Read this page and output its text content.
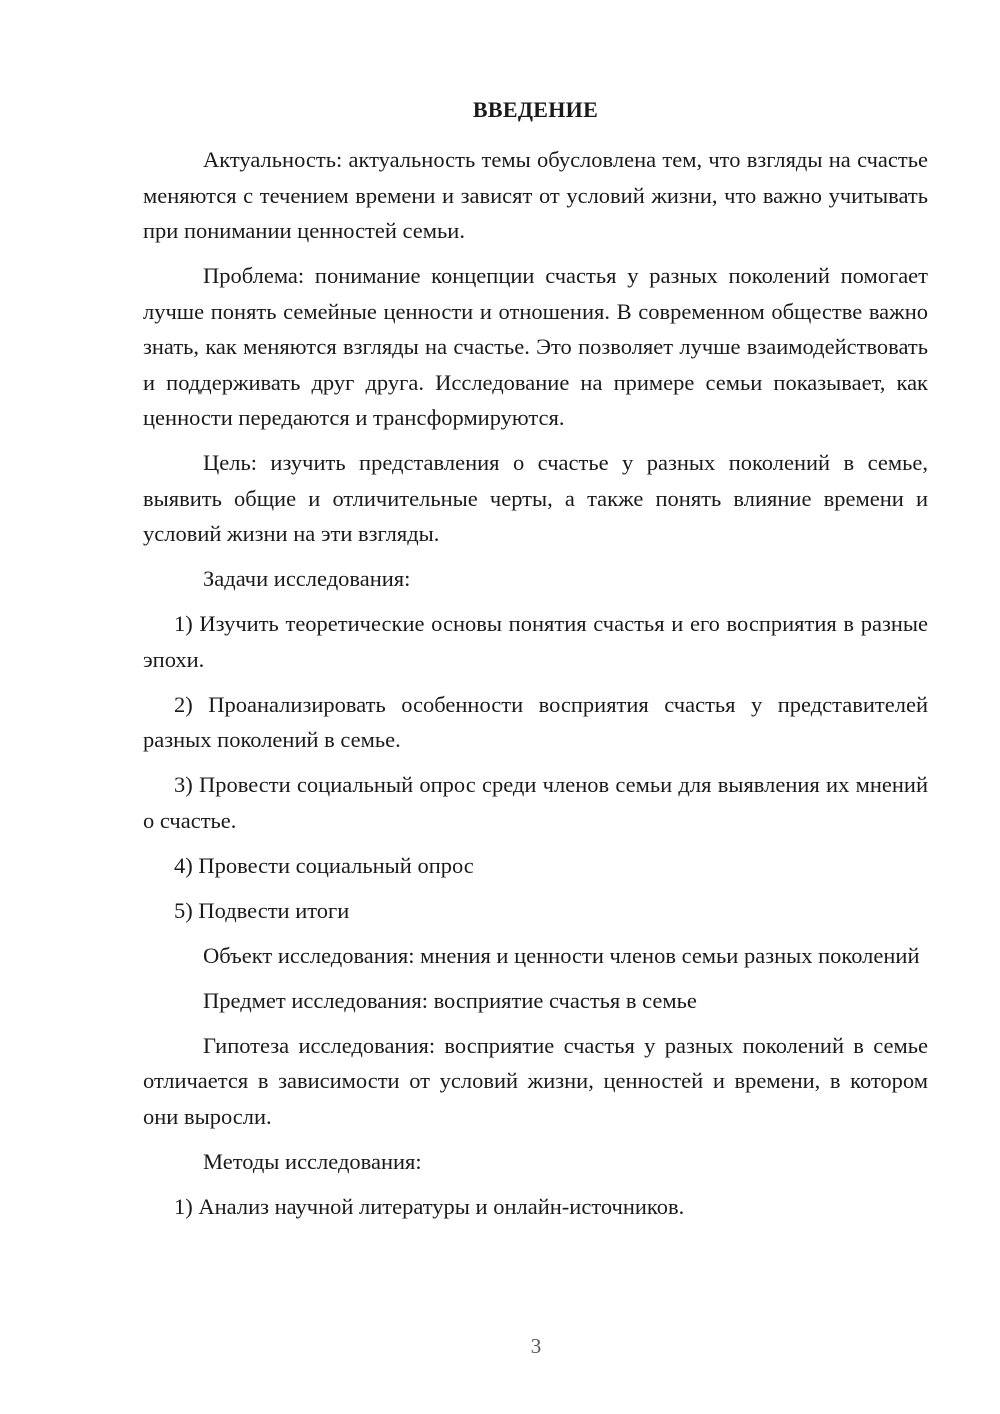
ВВЕДЕНИЕ

Актуальность: актуальность темы обусловлена тем, что взгляды на счастье меняются с течением времени и зависят от условий жизни, что важно учитывать при понимании ценностей семьи.

Проблема: понимание концепции счастья у разных поколений помогает лучше понять семейные ценности и отношения. В современном обществе важно знать, как меняются взгляды на счастье. Это позволяет лучше взаимодействовать и поддерживать друг друга. Исследование на примере семьи показывает, как ценности передаются и трансформируются.

Цель: изучить представления о счастье у разных поколений в семье, выявить общие и отличительные черты, а также понять влияние времени и условий жизни на эти взгляды.

Задачи исследования:

1) Изучить теоретические основы понятия счастья и его восприятия в разные эпохи.

2) Проанализировать особенности восприятия счастья у представителей разных поколений в семье.

3) Провести социальный опрос среди членов семьи для выявления их мнений о счастье.

4) Провести социальный опрос

5) Подвести итоги

Объект исследования: мнения и ценности членов семьи разных поколений

Предмет исследования: восприятие счастья в семье

Гипотеза исследования: восприятие счастья у разных поколений в семье отличается в зависимости от условий жизни, ценностей и времени, в котором они выросли.

Методы исследования:

1) Анализ научной литературы и онлайн-источников.

3
